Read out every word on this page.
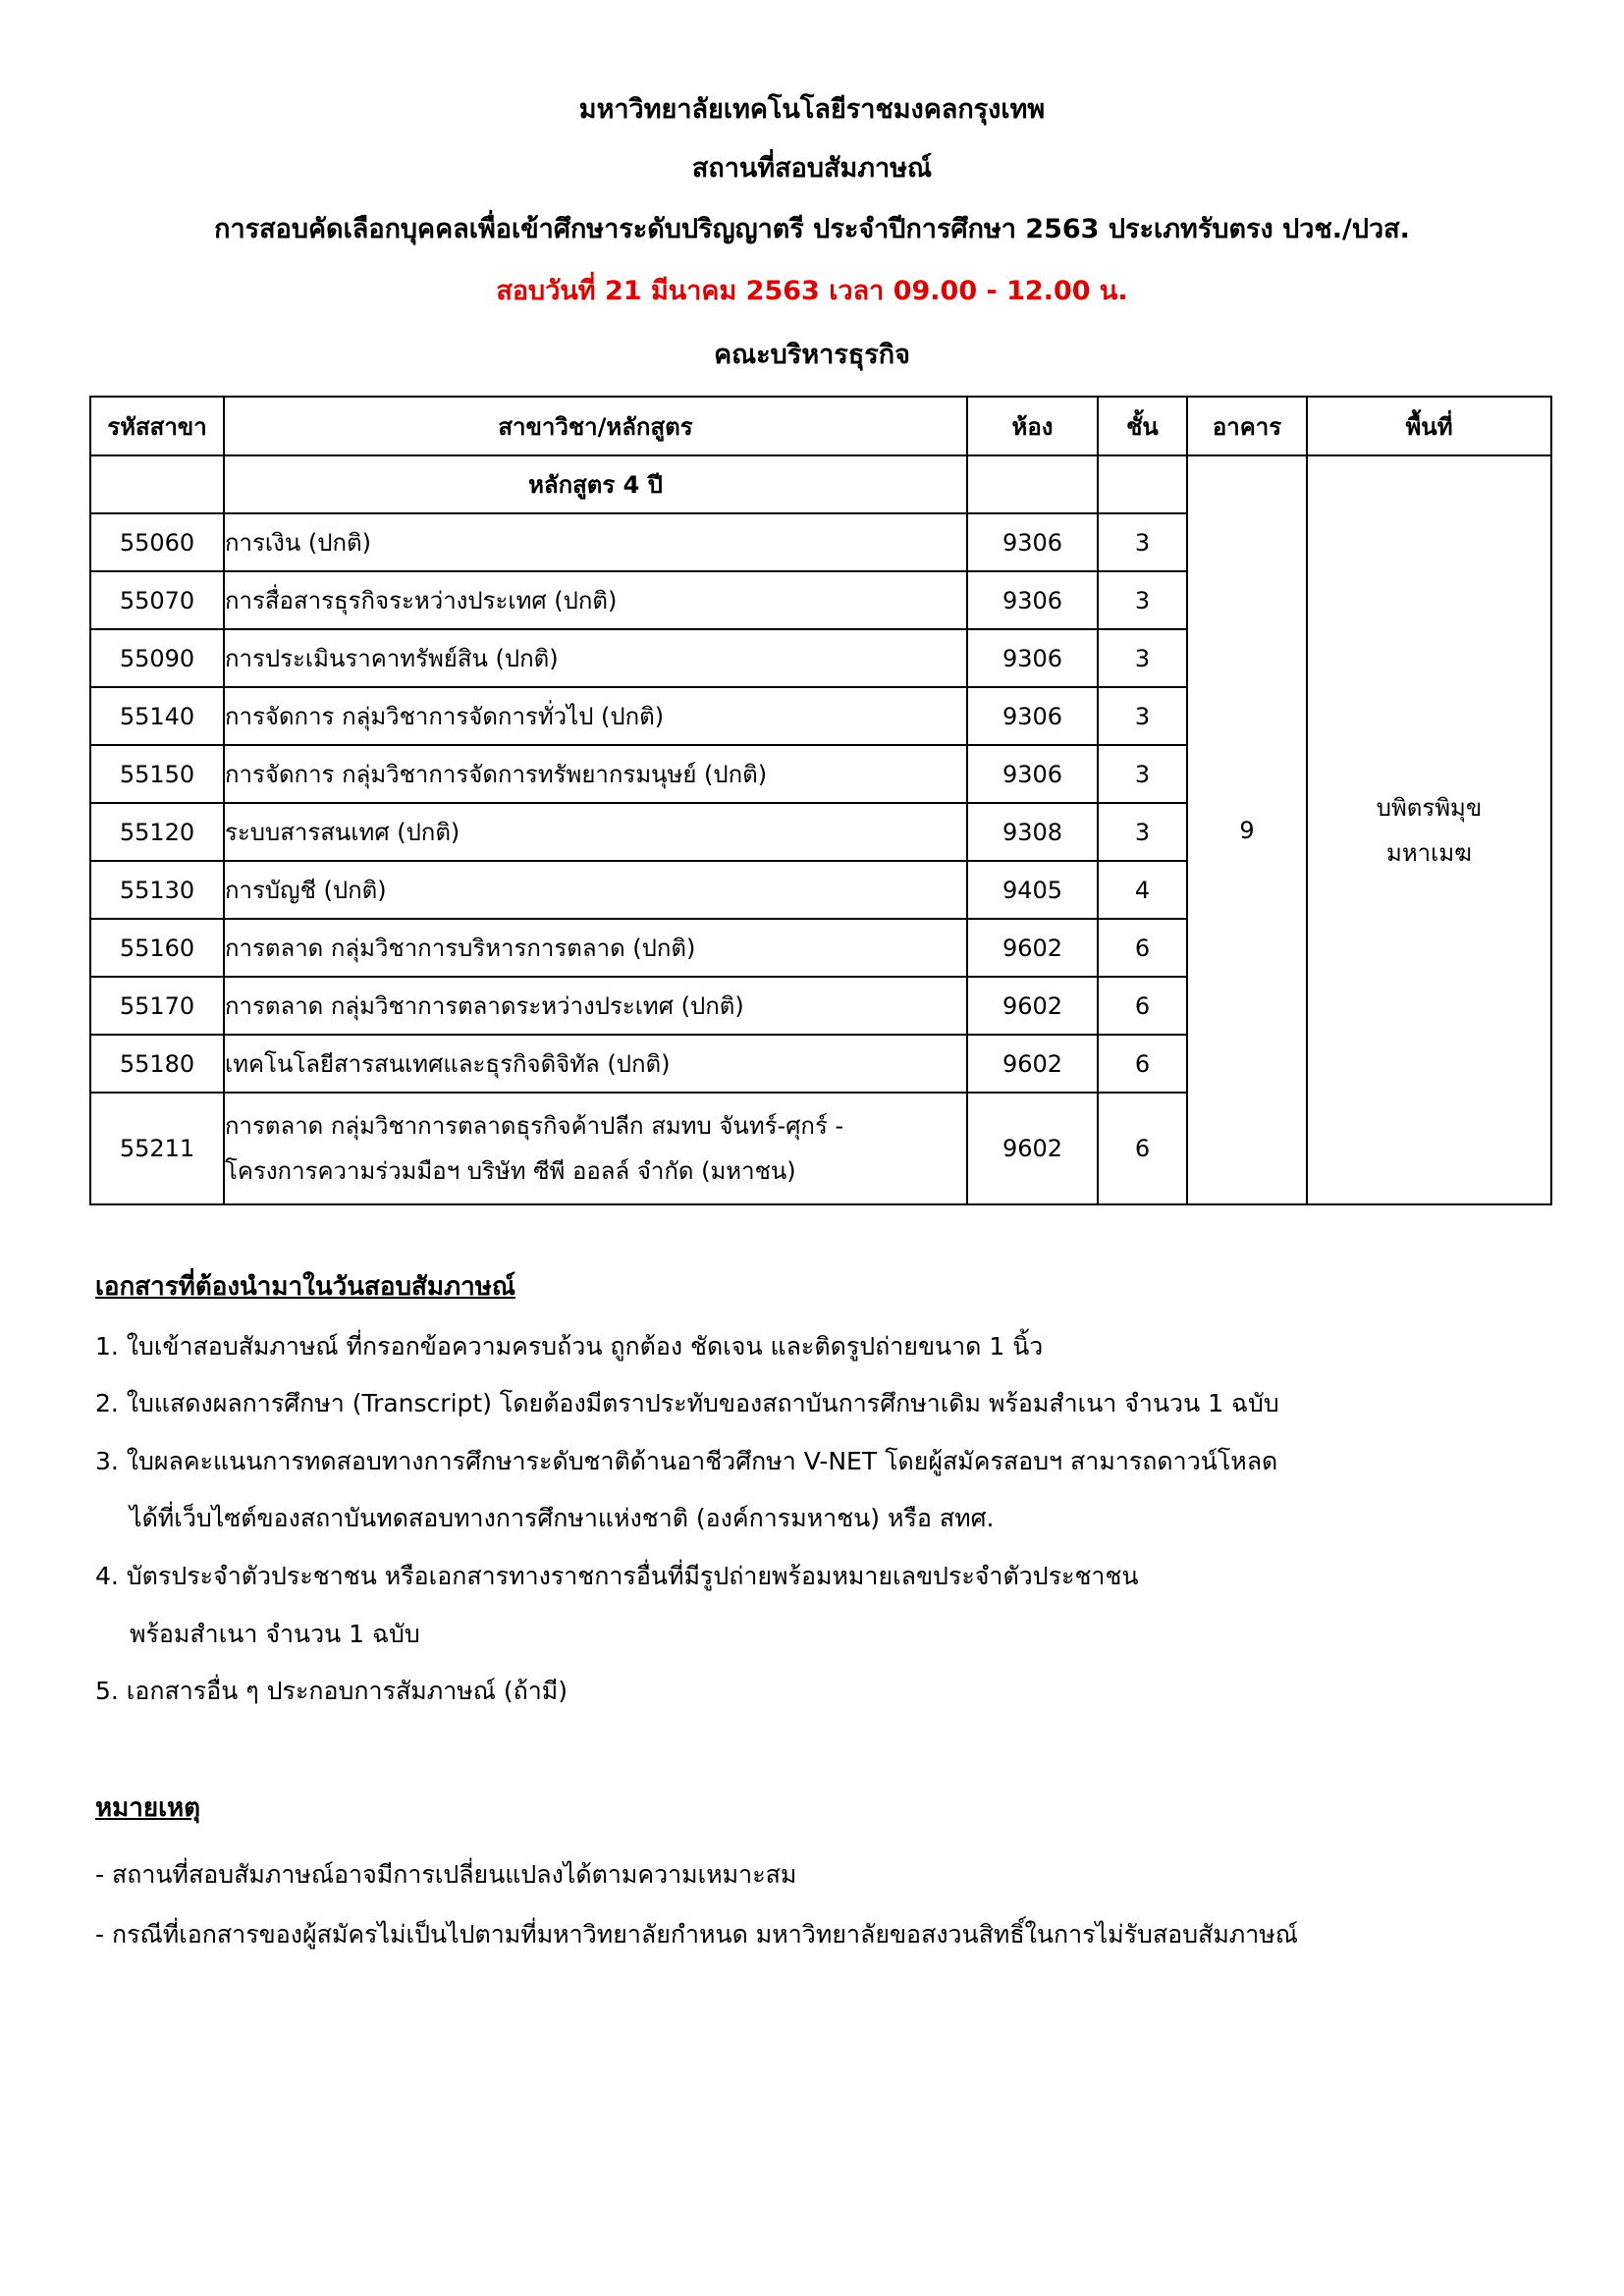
มหาวิทยาลัยเทคโนโลยีราชมงคลกรุงเทพ
สถานที่สอบสัมภาษณ์
การสอบคัดเลือกบุคคลเพื่อเข้าศึกษาระดับปริญญาตรี ประจำปีการศึกษา 2563 ประเภทรับตรง ปวช./ปวส.
สอบวันที่ 21 มีนาคม 2563 เวลา 09.00 - 12.00 น.
คณะบริหารธุรกิจ
รหัสสาขา	สาขาวิชา/หลักสูตร	ห้อง	ชั้น	อาคาร	พื้นที่
	หลักสูตร 4 ปี			9	บพิตรพิมุข
มหาเมฆ
55060	การเงิน (ปกติ)	9306	3		
55070	การสื่อสารธุรกิจระหว่างประเทศ (ปกติ)	9306	3		
55090	การประเมินราคาทรัพย์สิน (ปกติ)	9306	3		
55140	การจัดการ กลุ่มวิชาการจัดการทั่วไป (ปกติ)	9306	3		
55150	การจัดการ กลุ่มวิชาการจัดการทรัพยากรมนุษย์ (ปกติ)	9306	3		
55120	ระบบสารสนเทศ (ปกติ)	9308	3		
55130	การบัญชี (ปกติ)	9405	4		
55160	การตลาด กลุ่มวิชาการบริหารการตลาด (ปกติ)	9602	6		
55170	การตลาด กลุ่มวิชาการตลาดระหว่างประเทศ (ปกติ)	9602	6		
55180	เทคโนโลยีสารสนเทศและธุรกิจดิจิทัล (ปกติ)	9602	6		
55211	การตลาด กลุ่มวิชาการตลาดธุรกิจค้าปลีก สมทบ จันทร์-ศุกร์ -
โครงการความร่วมมือฯ บริษัท ซีพี ออลล์ จำกัด (มหาชน)	9602	6		
เอกสารที่ต้องนำมาในวันสอบสัมภาษณ์
1. ใบเข้าสอบสัมภาษณ์ ที่กรอกข้อความครบถ้วน ถูกต้อง ชัดเจน และติดรูปถ่ายขนาด 1 นิ้ว
2. ใบแสดงผลการศึกษา (Transcript) โดยต้องมีตราประทับของสถาบันการศึกษาเดิม พร้อมสำเนา จำนวน 1 ฉบับ
3. ใบผลคะแนนการทดสอบทางการศึกษาระดับชาติด้านอาชีวศึกษา V-NET โดยผู้สมัครสอบฯ สามารถดาวน์โหลด
ได้ที่เว็บไซต์ของสถาบันทดสอบทางการศึกษาแห่งชาติ (องค์การมหาชน) หรือ สทศ.
4. บัตรประจำตัวประชาชน หรือเอกสารทางราชการอื่นที่มีรูปถ่ายพร้อมหมายเลขประจำตัวประชาชน
พร้อมสำเนา จำนวน 1 ฉบับ
5. เอกสารอื่น ๆ ประกอบการสัมภาษณ์ (ถ้ามี)
หมายเหตุ
- สถานที่สอบสัมภาษณ์อาจมีการเปลี่ยนแปลงได้ตามความเหมาะสม
- กรณีที่เอกสารของผู้สมัครไม่เป็นไปตามที่มหาวิทยาลัยกำหนด มหาวิทยาลัยขอสงวนสิทธิ์ในการไม่รับสอบสัมภาษณ์
